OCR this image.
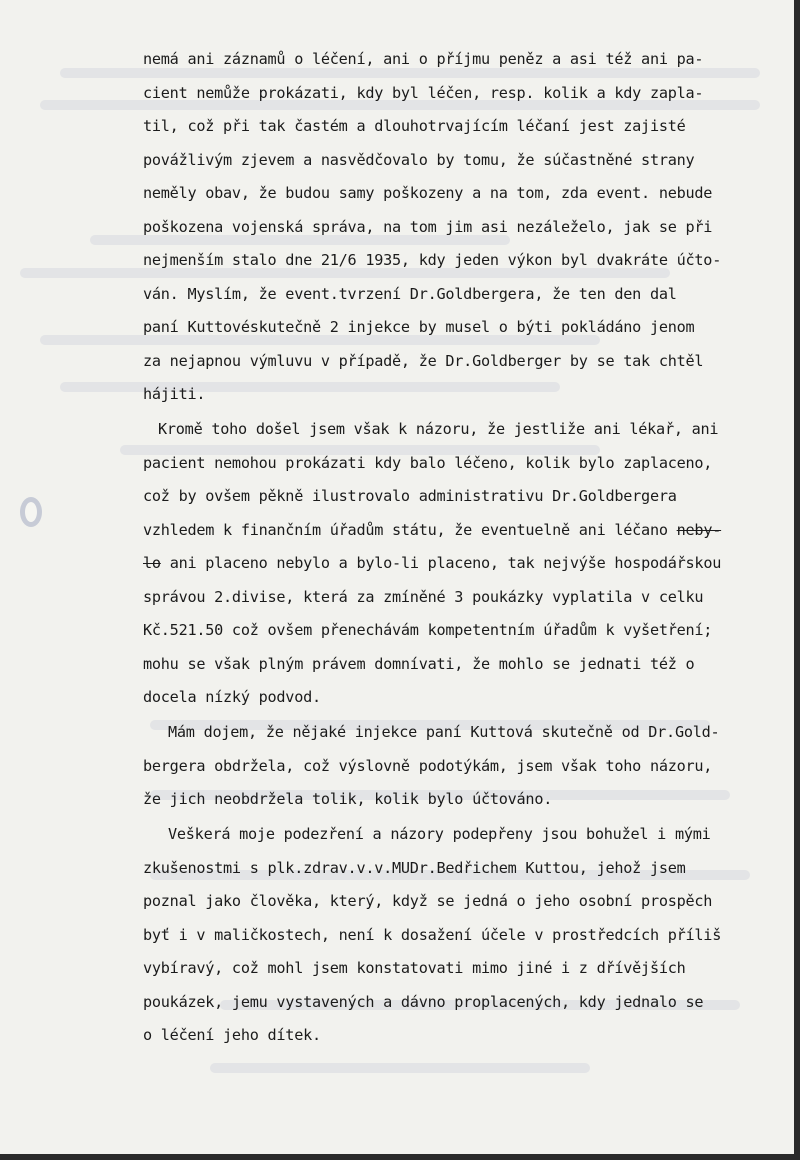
nemá ani záznamů o léčení, ani o příjmu peněz a asi též ani pa-
cient nemůže prokázati, kdy byl léčen, resp. kolik a kdy zapla-
til, což při tak častém a dlouhotrvajícím léčaní jest zajisté
povážlivým zjevem a nasvědčovalo by tomu, že súčastněné strany
neměly obav, že budou samy poškozeny a na tom, zda event. nebude
poškozena vojenská správa, na tom jim asi nezáleželo, jak se při
nejmenším stalo dne 21/6 1935, kdy jeden výkon byl dvakráte účto-
ván. Myslím, že event.tvrzení Dr.Goldbergera, že ten den dal
paní Kuttovéskutečně 2 injekce by musel o býti pokládáno jenom
za nejapnou výmluvu v případě, že Dr.Goldberger by se tak chtěl
hájiti.
Kromě toho došel jsem však k názoru, že jestliže ani lékař, ani
pacient nemohou prokázati kdy balo léčeno, kolik bylo zaplaceno,
což by ovšem pěkně ilustrovalo administrativu Dr.Goldbergera
vzhledem k finančním úřadům státu, že eventuelně ani léčano neby-
lo ani placeno nebylo a bylo-li placeno, tak nejvýše hospodářskou
správou 2.divise, která za zmíněné 3 poukázky vyplatila v celku
Kč.521.50 což ovšem přenechávám kompetentním úřadům k vyšetření;
mohu se však plným právem domnívati, že mohlo se jednati též o
docela nízký podvod.
Mám dojem, že nějaké injekce paní Kuttová skutečně od Dr.Gold-
bergera obdržela, což výslovně podotýkám, jsem však toho názoru,
že jich neobdržela tolik, kolik bylo účtováno.
Veškerá moje podezření a názory podepřeny jsou bohužel i mými
zkušenostmi s plk.zdrav.v.v.MUDr.Bedřichem Kuttou, jehož jsem
poznal jako člověka, který, když se jedná o jeho osobní prospěch
byť i v maličkostech, není k dosažení účele v prostředcích příliš
vybíravý, což mohl jsem konstatovati mimo jiné i z dřívějších
poukázek, jemu vystavených a dávno proplacených, kdy jednalo se
o léčení jeho dítek.
